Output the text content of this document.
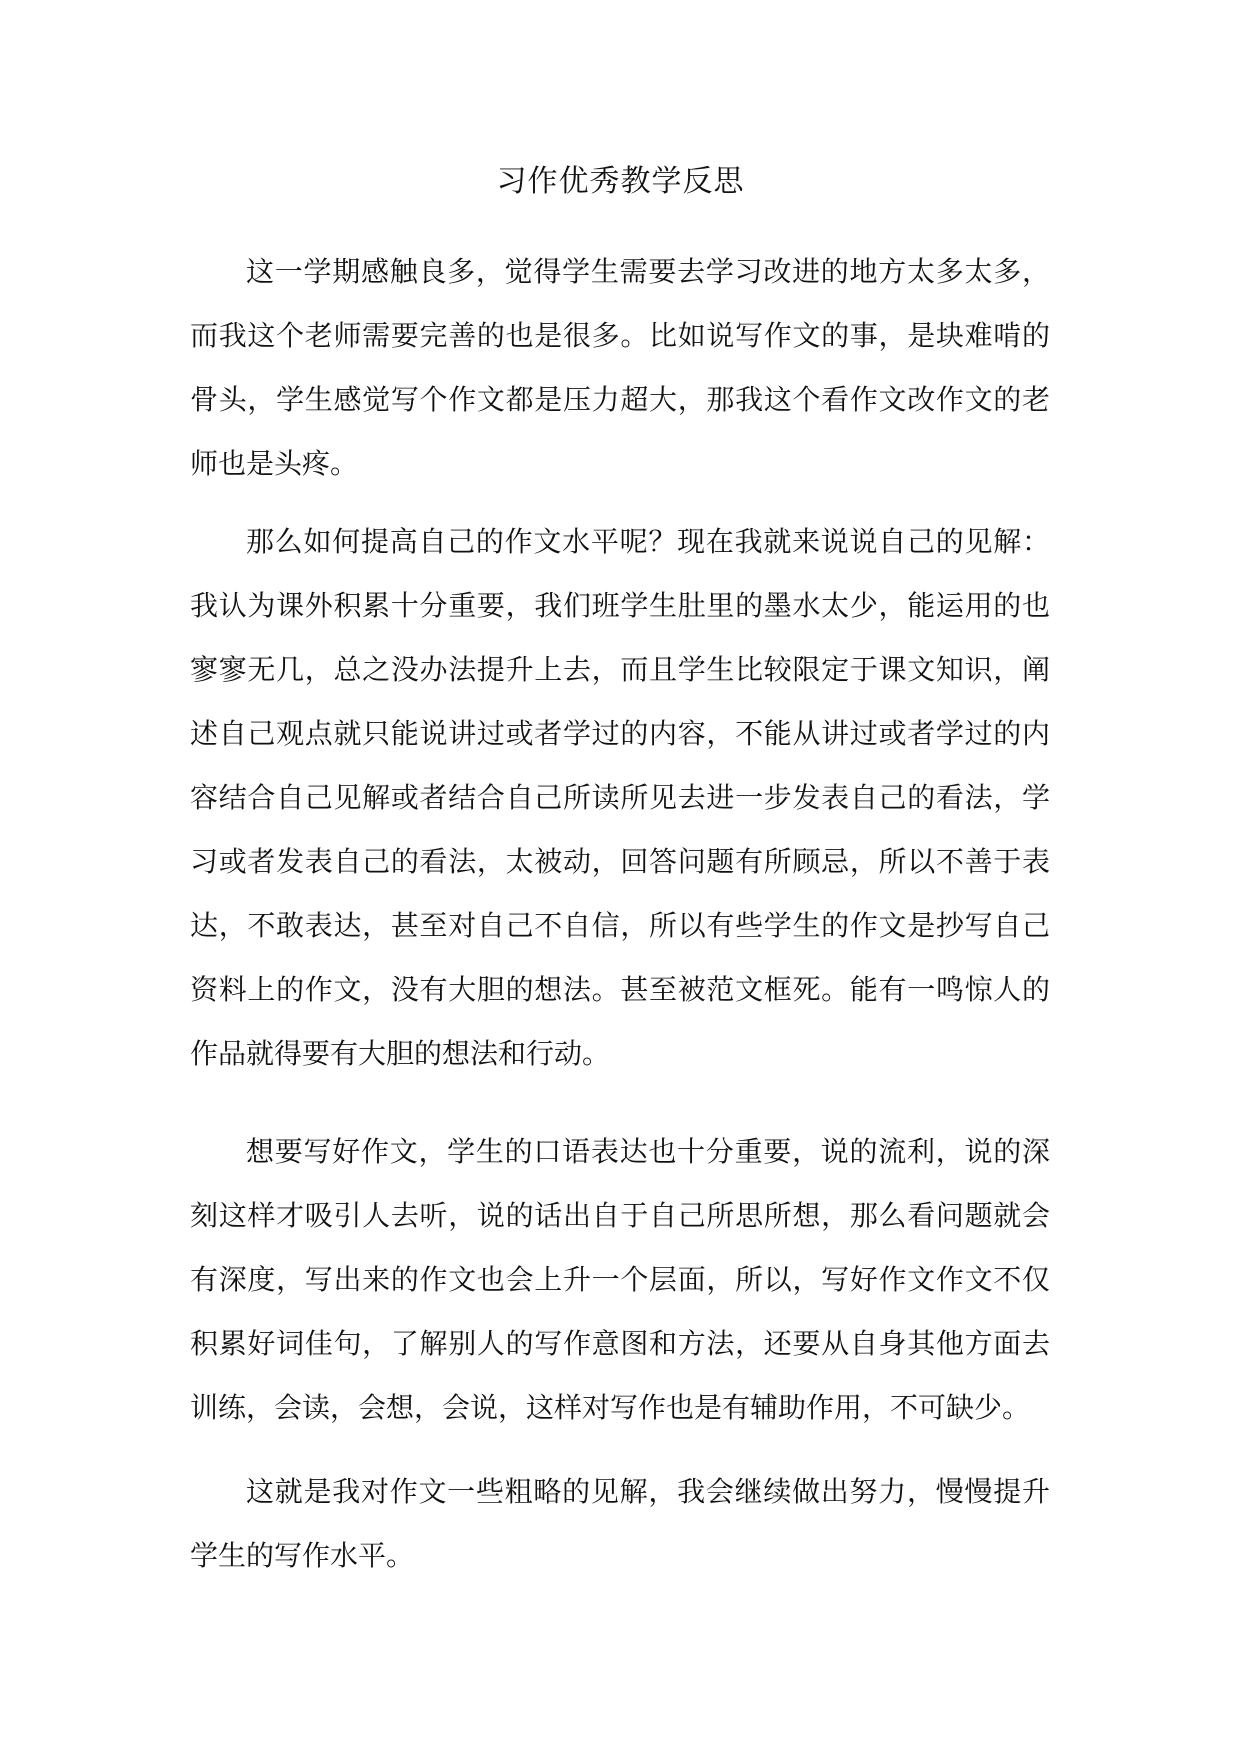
习作优秀教学反思

这一学期感触良多，觉得学生需要去学习改进的地方太多太多，而我这个老师需要完善的也是很多。比如说写作文的事，是块难啃的骨头，学生感觉写个作文都是压力超大，那我这个看作文改作文的老师也是头疼。

那么如何提高自己的作文水平呢？现在我就来说说自己的见解：我认为课外积累十分重要，我们班学生肚里的墨水太少，能运用的也寥寥无几，总之没办法提升上去，而且学生比较限定于课文知识，阐述自己观点就只能说讲过或者学过的内容，不能从讲过或者学过的内容结合自己见解或者结合自己所读所见去进一步发表自己的看法，学习或者发表自己的看法，太被动，回答问题有所顾忌，所以不善于表达，不敢表达，甚至对自己不自信，所以有些学生的作文是抄写自己资料上的作文，没有大胆的想法。甚至被范文框死。能有一鸣惊人的作品就得要有大胆的想法和行动。

想要写好作文，学生的口语表达也十分重要，说的流利，说的深刻这样才吸引人去听，说的话出自于自己所思所想，那么看问题就会有深度，写出来的作文也会上升一个层面，所以，写好作文作文不仅积累好词佳句，了解别人的写作意图和方法，还要从自身其他方面去训练，会读，会想，会说，这样对写作也是有辅助作用，不可缺少。

这就是我对作文一些粗略的见解，我会继续做出努力，慢慢提升学生的写作水平。
